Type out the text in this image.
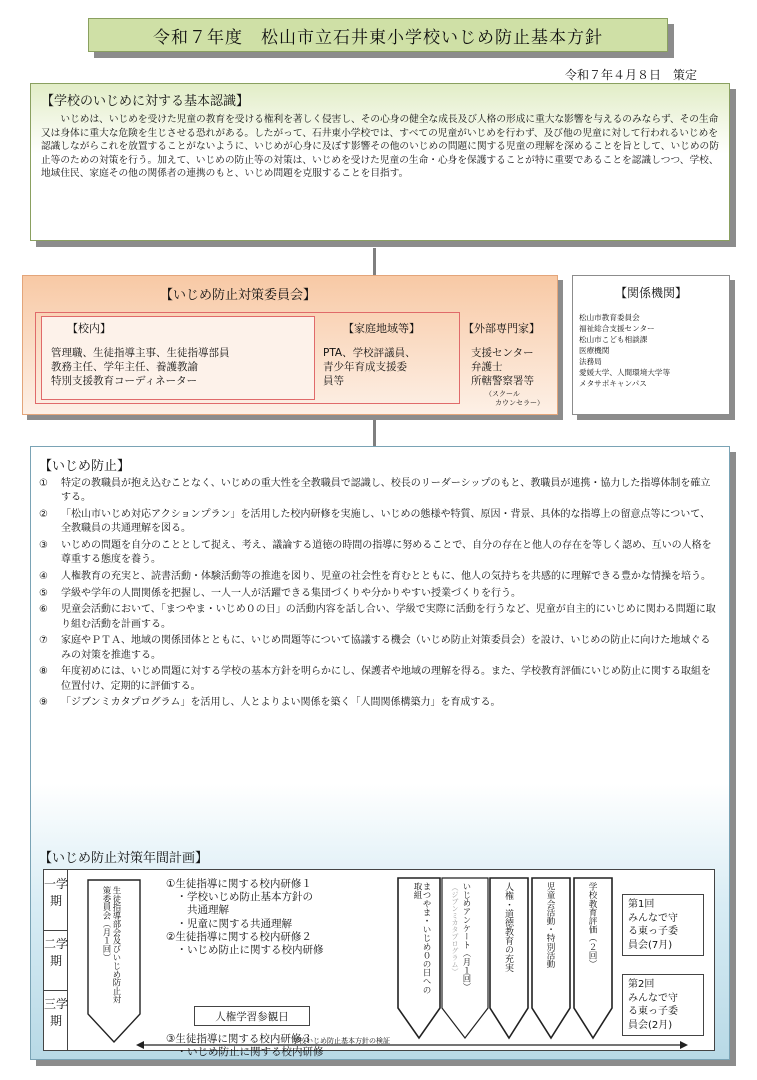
令和７年度　松山市立石井東小学校いじめ防止基本方針
令和７年４月８日　策定
【学校のいじめに対する基本認識】

いじめは、いじめを受けた児童の教育を受ける権利を著しく侵害し、その心身の健全な成長及び人格の形成に重大な影響を与えるのみならず、その生命又は身体に重大な危険を生じさせる恐れがある。したがって、石井東小学校では、すべての児童がいじめを行わず、及び他の児童に対して行われるいじめを認識しながらこれを放置することがないように、いじめが心身に及ぼす影響その他のいじめの問題に関する児童の理解を深めることを旨として、いじめの防止等のための対策を行う。加えて、いじめの防止等の対策は、いじめを受けた児童の生命・心身を保護することが特に重要であることを認識しつつ、学校、地域住民、家庭その他の関係者の連携のもと、いじめ問題を克服することを目指す。

【いじめ防止対策委員会】
【校内】
管理職、生徒指導主事、生徒指導部員
教務主任、学年主任、養護教諭
特別支援教育コーディネーター
【家庭地域等】
PTA、学校評議員、
青少年育成支援委
員等
【外部専門家】
支援センター
弁護士
所轄警察署等
（スクール
カウンセラー）
【関係機関】
松山市教育委員会
福祉総合支援センター
松山市こども相談課
医療機関
法務局
愛媛大学、人間環境大学等
メタサポキャンパス
【いじめ防止】
①	特定の教職員が抱え込むことなく、いじめの重大性を全教職員で認識し、校長のリーダーシップのもと、教職員が連携・協力した指導体制を確立する。
②	「松山市いじめ対応アクションプラン」を活用した校内研修を実施し、いじめの態様や特質、原因・背景、具体的な指導上の留意点等について、全教職員の共通理解を図る。
③	いじめの問題を自分のこととして捉え、考え、議論する道徳の時間の指導に努めることで、自分の存在と他人の存在を等しく認め、互いの人格を尊重する態度を養う。
④	人権教育の充実と、読書活動・体験活動等の推進を図り、児童の社会性を育むとともに、他人の気持ちを共感的に理解できる豊かな情操を培う。
⑤	学級や学年の人間関係を把握し、一人一人が活躍できる集団づくりや分かりやすい授業づくりを行う。
⑥	児童会活動において、「まつやま・いじめ０の日」の活動内容を話し合い、学級で実際に活動を行うなど、児童が自主的にいじめに関わる問題に取り組む活動を計画する。
⑦	家庭やＰＴＡ、地域の関係団体とともに、いじめ問題等について協議する機会（いじめ防止対策委員会）を設け、いじめの防止に向けた地域ぐるみの対策を推進する。
⑧	年度初めには、いじめ問題に対する学校の基本方針を明らかにし、保護者や地域の理解を得る。また、学校教育評価にいじめ防止に関する取組を位置付け、定期的に評価する。
⑨	「ジブンミカタプログラム」を活用し、人とよりよい関係を築く「人間関係構築力」を育成する。
【いじめ防止対策年間計画】
一学期
二学期
三学期
生徒指導部会及びいじめ防止対策委員会（月１回）
①生徒指導に関する校内研修１
　・学校いじめ防止基本方針の
　　共通理解
　・児童に関する共通理解
②生徒指導に関する校内研修２
　・いじめ防止に関する校内研修
人権学習参観日
③生徒指導に関する校内研修３
　・いじめ防止に関する校内研修
まつやま・いじめ０の日への取組	いじめアンケート（月１回）
（ジブンミカタプログラム）	人権・道徳教育の充実	児童会活動・特別活動	学校教育評価（２回）	第1回
みんなで守
る東っ子委
員会(7月)
第2回
みんなで守
る東っ子委
員会(2月)
学校いじめ防止基本方針の検証
